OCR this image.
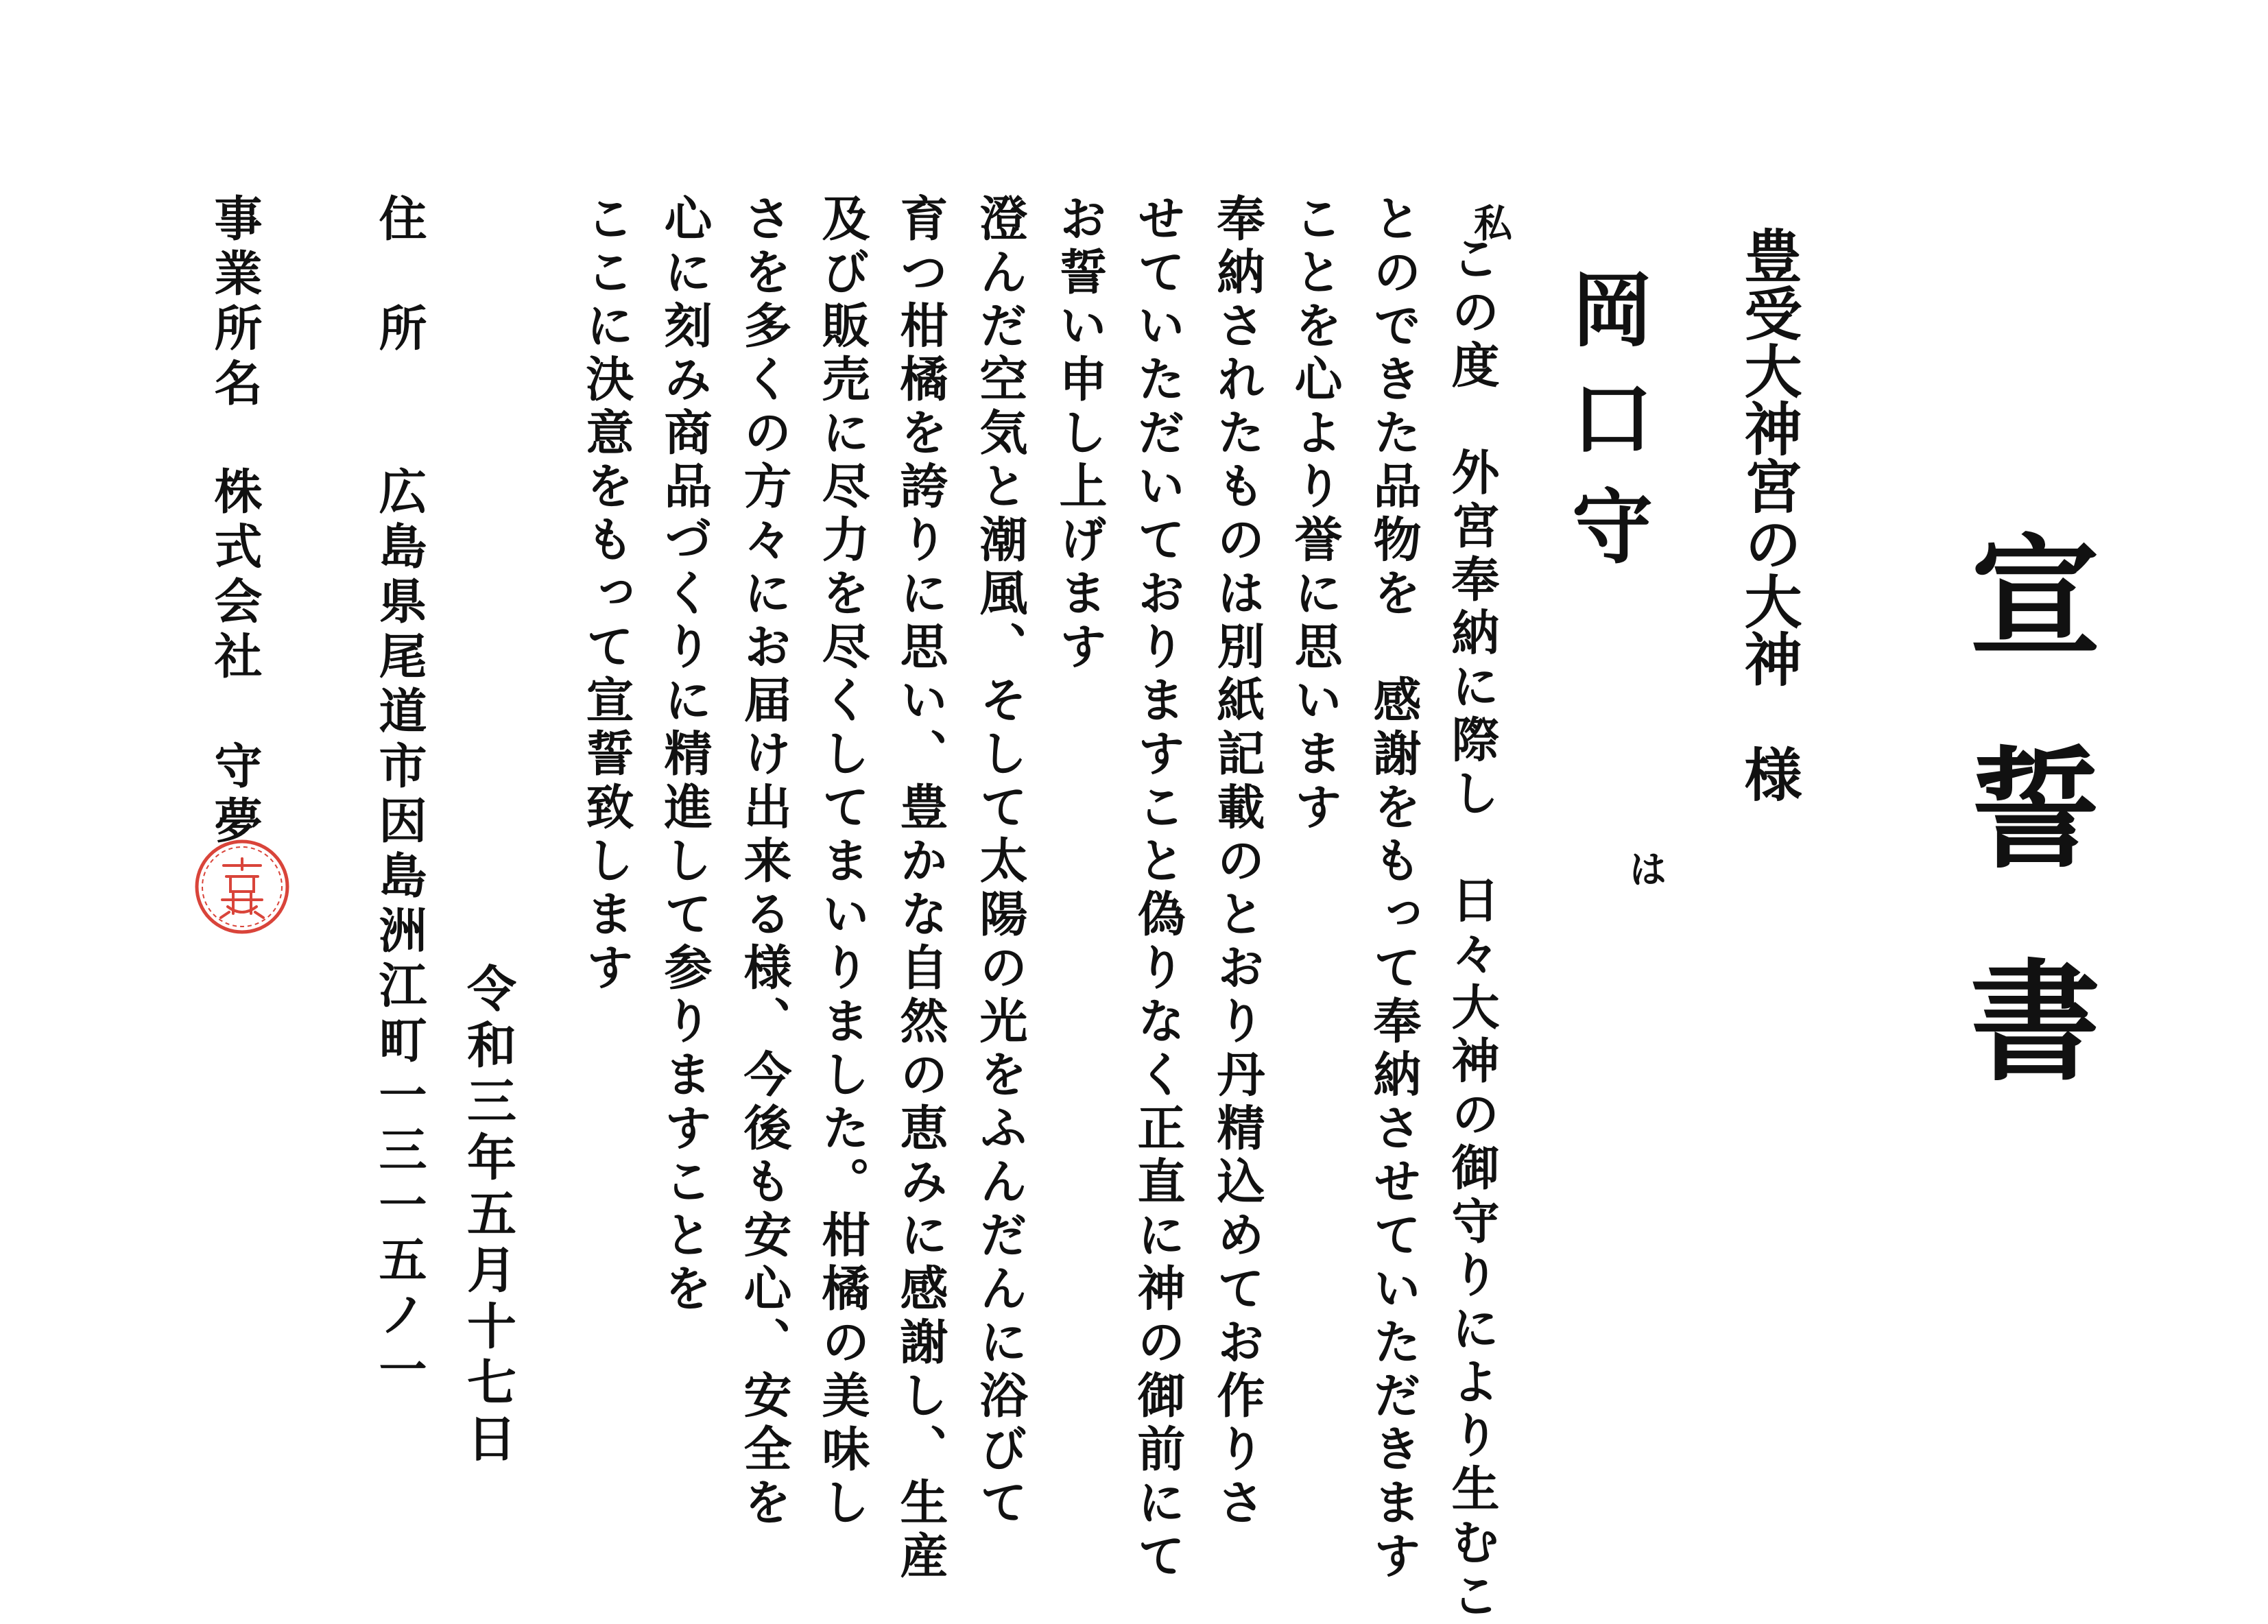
宣誓書
豊受大神宮の大神様
私
は
岡口守
この度　外宮奉納に際し　日々大神の御守りにより生むこ
とのできた品物を　感謝をもって奉納させていただきます
ことを心より誉に思います
奉納されたものは別紙記載のとおり丹精込めてお作りさ
せていただいておりますこと偽りなく正直に神の御前にて
お誓い申し上げます
澄んだ空気と潮風、そして太陽の光をふんだんに浴びて
育つ柑橘を誇りに思い、豊かな自然の恵みに感謝し、生産
及び販売に尽力を尽くしてまいりました。柑橘の美味し
さを多くの方々にお届け出来る様、今後も安心、安全を
心に刻み商品づくりに精進して参りますことを
ここに決意をもって宣誓致します
令和三年五月十七日
住　所
広島県尾道市因島洲江町一三一五ノ一
事業所名
株式会社　守夢
